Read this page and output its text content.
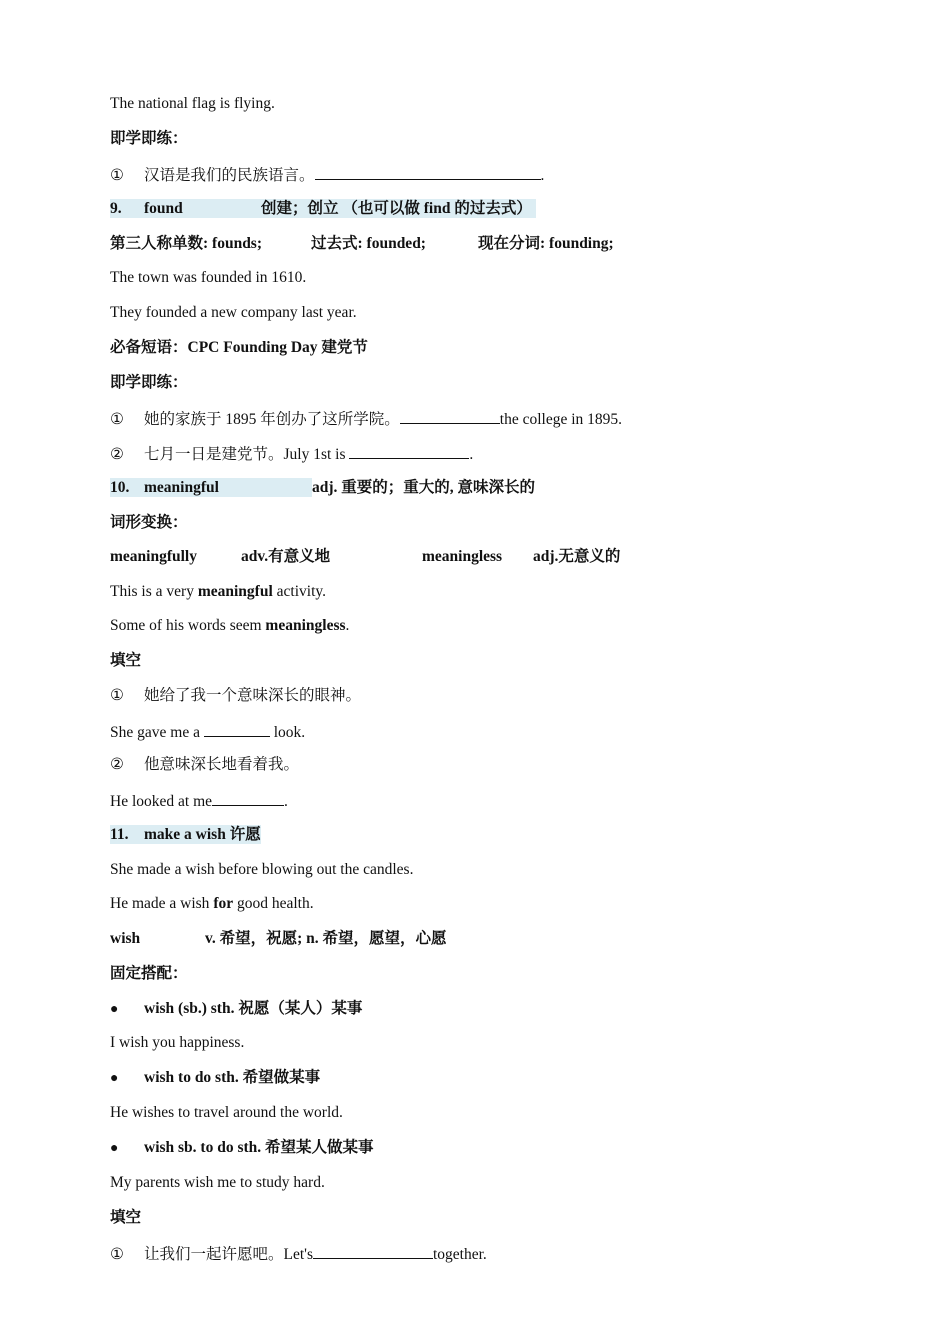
The national flag is flying.
即学即练：
① 汉语是我们的民族语言。	.
9. found	创建；创立 （也可以做 find 的过去式）
第三人称单数: founds;	过去式: founded;	现在分词: founding;
The town was founded in 1610.
They founded a new company last year.
必备短语：CPC Founding Day 建党节
即学即练：
① 她的家族于 1895 年创办了这所学院。	the college in 1895.
② 七月一日是建党节。July 1st is	.
10. meaningful	adj. 重要的；重大的, 意味深长的
词形变换：
meaningfully	adv.有意义地	meaningless adj.无意义的
This is a very meaningful activity.
Some of his words seem meaningless.
填空
① 她给了我一个意味深长的眼神。
She gave me a	look.
② 他意味深长地看着我。
He looked at me	.
11. make a wish 许愿
She made a wish before blowing out the candles.
He made a wish for good health.
wish	v. 希望，祝愿; n. 希望，愿望，心愿
固定搭配：
● wish (sb.) sth. 祝愿（某人）某事
I wish you happiness.
● wish to do sth. 希望做某事
He wishes to travel around the world.
● wish sb. to do sth. 希望某人做某事
My parents wish me to study hard.
填空
① 让我们一起许愿吧。Let's	together.
